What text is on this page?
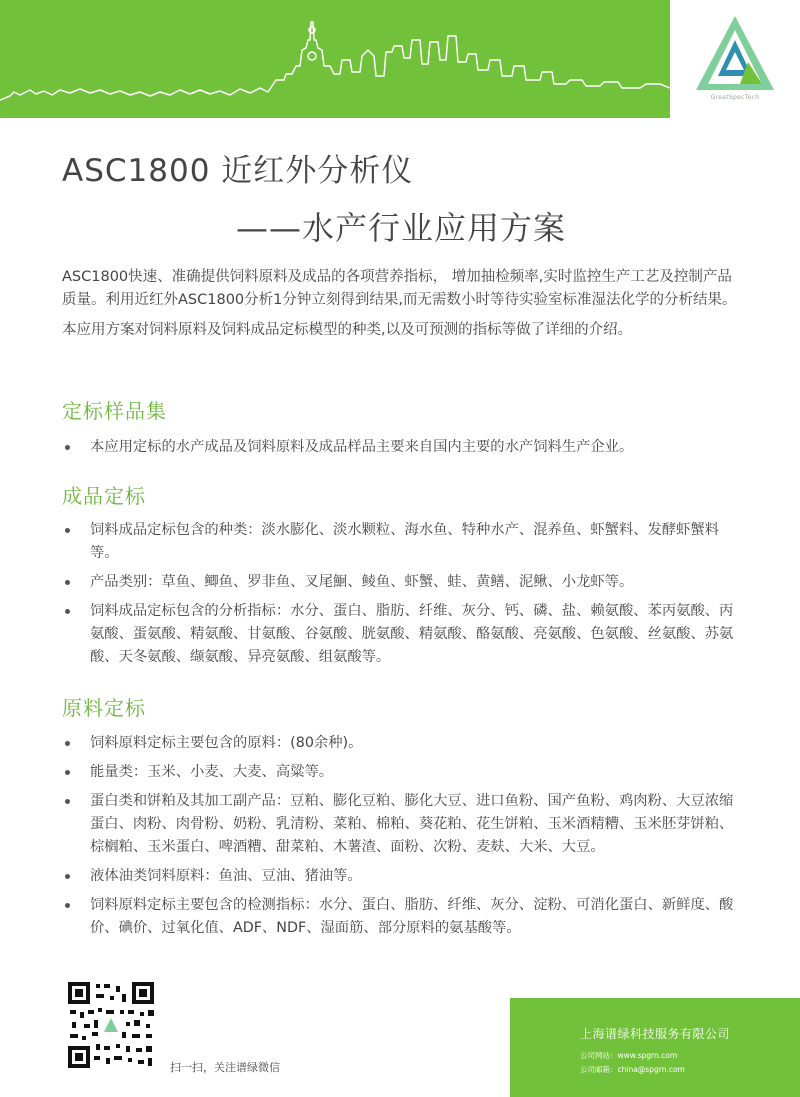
GreatSpecTech
ASC1800 近红外分析仪
——水产行业应用方案

ASC1800快速、准确提供饲料原料及成品的各项营养指标， 增加抽检频率,实时监控生产工艺及控制产品质量。利用近红外ASC1800分析1分钟立刻得到结果,而无需数小时等待实验室标准湿法化学的分析结果。

本应用方案对饲料原料及饲料成品定标模型的种类,以及可预测的指标等做了详细的介绍。

定标样品集
本应用定标的水产成品及饲料原料及成品样品主要来自国内主要的水产饲料生产企业。
成品定标
饲料成品定标包含的种类：淡水膨化、淡水颗粒、海水鱼、特种水产、混养鱼、虾蟹料、发酵虾蟹料等。
产品类别：草鱼、鲫鱼、罗非鱼、叉尾鮰、鲮鱼、虾蟹、蛙、黄鳝、泥鳅、小龙虾等。
饲料成品定标包含的分析指标：水分、蛋白、脂肪、纤维、灰分、钙、磷、盐、赖氨酸、苯丙氨酸、丙氨酸、蛋氨酸、精氨酸、甘氨酸、谷氨酸、胱氨酸、精氨酸、酪氨酸、亮氨酸、色氨酸、丝氨酸、苏氨酸、天冬氨酸、缬氨酸、异亮氨酸、组氨酸等。
原料定标
饲料原料定标主要包含的原料：(80余种)。
能量类：玉米、小麦、大麦、高粱等。
蛋白类和饼粕及其加工副产品：豆粕、膨化豆粕、膨化大豆、进口鱼粉、国产鱼粉、鸡肉粉、大豆浓缩蛋白、肉粉、肉骨粉、奶粉、乳清粉、菜粕、棉粕、葵花粕、花生饼粕、玉米酒精糟、玉米胚芽饼粕、棕榈粕、玉米蛋白、啤酒糟、甜菜粕、木薯渣、面粉、次粉、麦麸、大米、大豆。
液体油类饲料原料：鱼油、豆油、猪油等。
饲料原料定标主要包含的检测指标：水分、蛋白、脂肪、纤维、灰分、淀粉、可消化蛋白、新鲜度、酸价、碘价、过氧化值、ADF、NDF、湿面筋、部分原料的氨基酸等。
扫一扫，关注谱绿微信
上海谱绿科技服务有限公司
公司网站：www.spgrn.com
公司邮箱：china@spgrn.com
